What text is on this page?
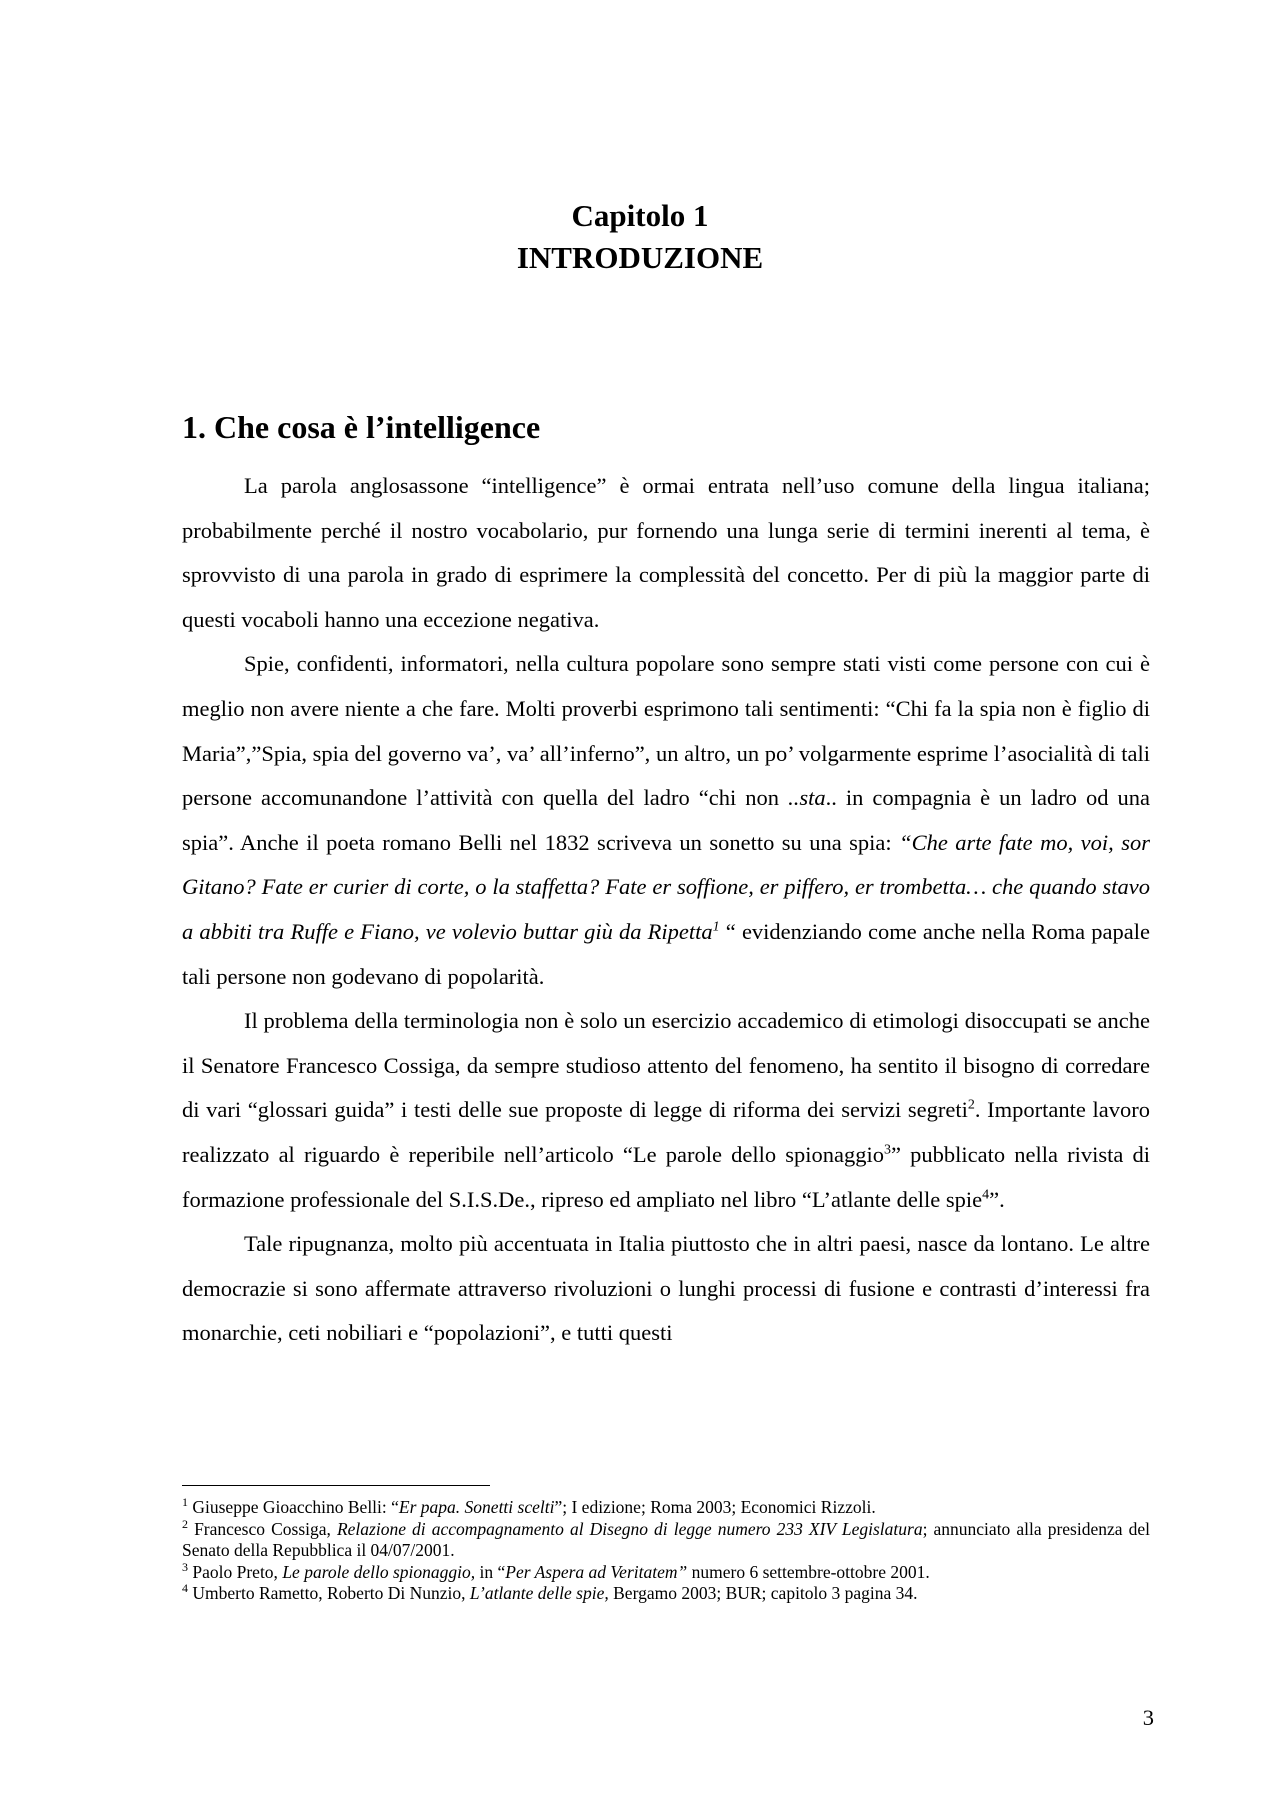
Capitolo 1
INTRODUZIONE
1. Che cosa è l’intelligence

La parola anglosassone “intelligence” è ormai entrata nell’uso comune della lingua italiana; probabilmente perché il nostro vocabolario, pur fornendo una lunga serie di termini inerenti al tema, è sprovvisto di una parola in grado di esprimere la complessità del concetto. Per di più la maggior parte di questi vocaboli hanno una eccezione negativa.

Spie, confidenti, informatori, nella cultura popolare sono sempre stati visti come persone con cui è meglio non avere niente a che fare. Molti proverbi esprimono tali sentimenti: “Chi fa la spia non è figlio di Maria”,”Spia, spia del governo va’, va’ all’inferno”, un altro, un po’ volgarmente esprime l’asocialità di tali persone accomunandone l’attività con quella del ladro “chi non ..sta.. in compagnia è un ladro od una spia”. Anche il poeta romano Belli nel 1832 scriveva un sonetto su una spia: “Che arte fate mo, voi, sor Gitano? Fate er curier di corte, o la staffetta? Fate er soffione, er piffero, er trombetta… che quando stavo a abbiti tra Ruffe e Fiano, ve volevio buttar giù da Ripetta$^1$ “ evidenziando come anche nella Roma papale tali persone non godevano di popolarità.

Il problema della terminologia non è solo un esercizio accademico di etimologi disoccupati se anche il Senatore Francesco Cossiga, da sempre studioso attento del fenomeno, ha sentito il bisogno di corredare di vari “glossari guida” i testi delle sue proposte di legge di riforma dei servizi segreti$^2$. Importante lavoro realizzato al riguardo è reperibile nell’articolo “Le parole dello spionaggio$^3$” pubblicato nella rivista di formazione professionale del S.I.S.De., ripreso ed ampliato nel libro “L’atlante delle spie$^4$”.

Tale ripugnanza, molto più accentuata in Italia piuttosto che in altri paesi, nasce da lontano. Le altre democrazie si sono affermate attraverso rivoluzioni o lunghi processi di fusione e contrasti d’interessi fra monarchie, ceti nobiliari e “popolazioni”, e tutti questi

$^1$ Giuseppe Gioacchino Belli: “Er papa. Sonetti scelti”; I edizione; Roma 2003; Economici Rizzoli.

$^2$ Francesco Cossiga, Relazione di accompagnamento al Disegno di legge numero 233 XIV Legislatura; annunciato alla presidenza del Senato della Repubblica il 04/07/2001.

$^3$ Paolo Preto, Le parole dello spionaggio, in “Per Aspera ad Veritatem” numero 6 settembre-ottobre 2001.

$^4$ Umberto Rametto, Roberto Di Nunzio, L’atlante delle spie, Bergamo 2003; BUR; capitolo 3 pagina 34.

3
